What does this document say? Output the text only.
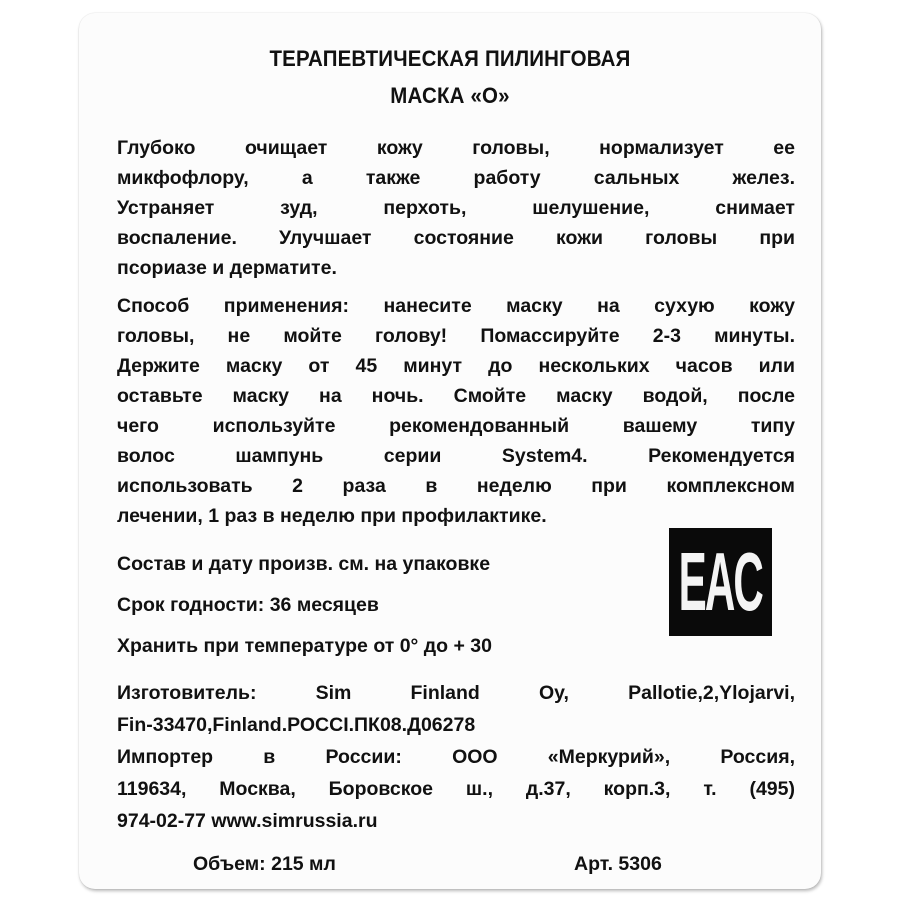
ТЕРАПЕВТИЧЕСКАЯ ПИЛИНГОВАЯ
МАСКА «О»
Глубоко очищает кожу головы, нормализует ее
микфофлору, а также работу сальных желез.
Устраняет зуд, перхоть, шелушение, снимает
воспаление. Улучшает состояние кожи головы при
псориазе и дерматите.
Способ применения: нанесите маску на сухую кожу
головы, не мойте голову! Помассируйте 2-3 минуты.
Держите маску от 45 минут до нескольких часов или
оставьте маску на ночь. Смойте маску водой, после
чего используйте рекомендованный вашему типу
волос шампунь серии System4. Рекомендуется
использовать 2 раза в неделю при комплексном
лечении, 1 раз в неделю при профилактике.
Состав и дату произв. см. на упаковке
Срок годности: 36 месяцев
Хранить при температуре от 0° до + 30
EAC
Изготовитель: Sim Finland Oy, Pallotie,2,Ylojarvi,
Fin-33470,Finland.РОССI.ПК08.Д06278
Импортер в России: ООО «Меркурий», Россия,
119634, Москва, Боровское ш., д.37, корп.3, т. (495)
974-02-77 www.simrussia.ru
Объем: 215 мл	Арт. 5306
